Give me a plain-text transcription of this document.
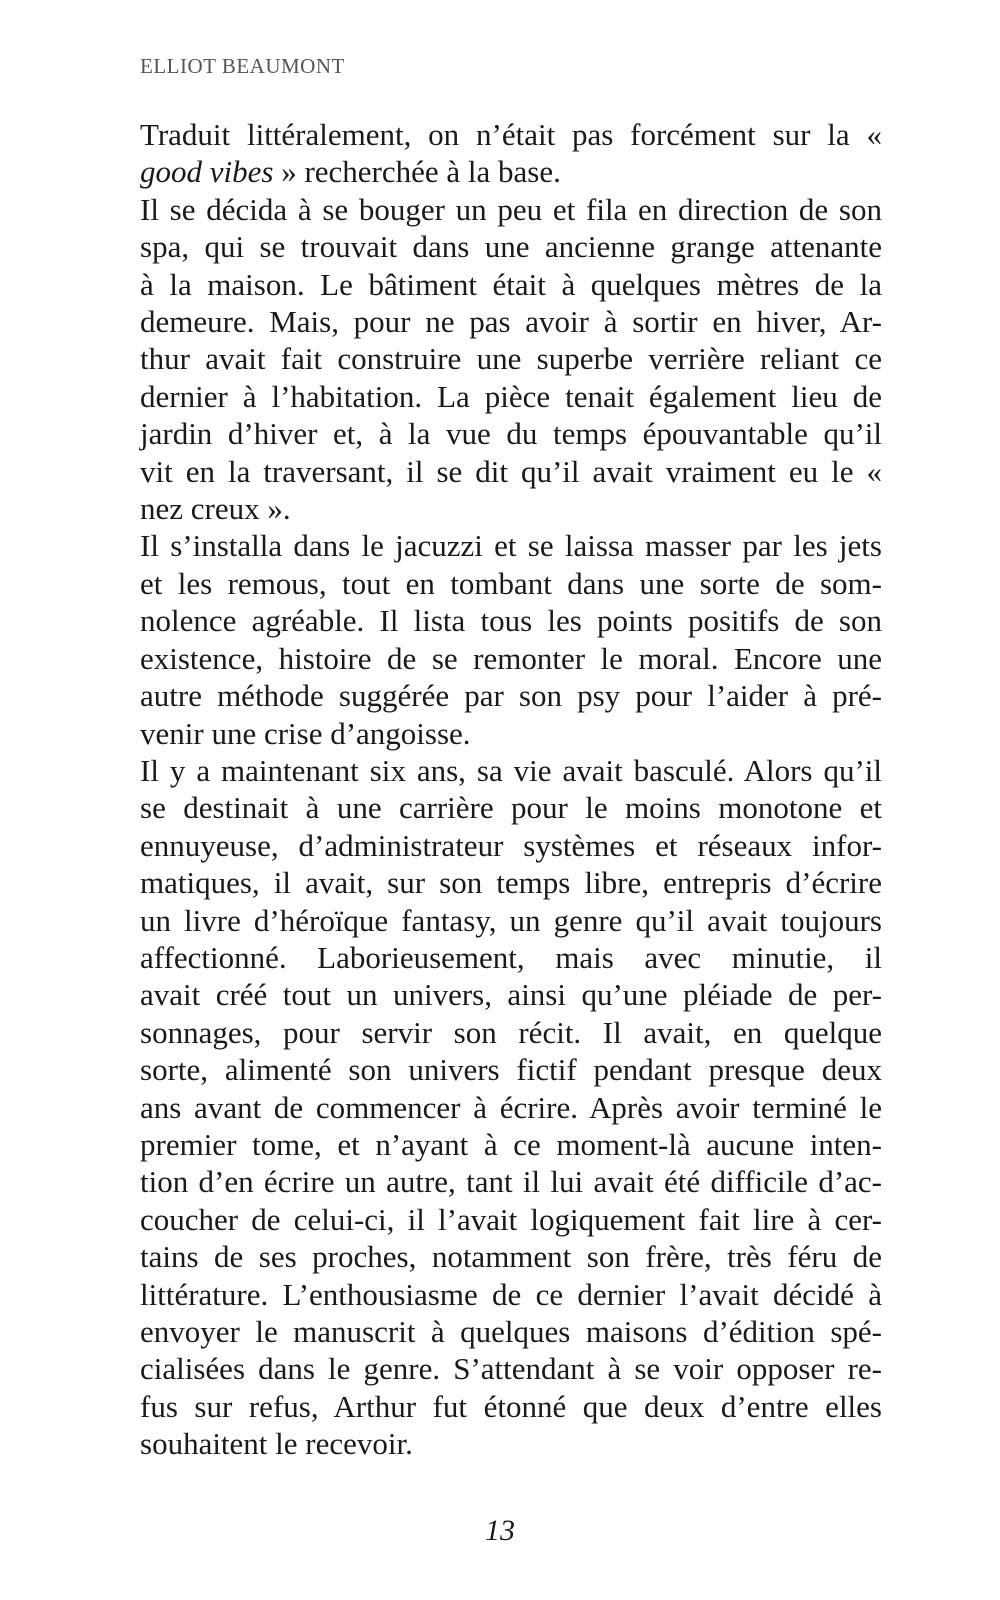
ELLIOT BEAUMONT
Traduit littéralement, on n’était pas forcément sur la «
good vibes » recherchée à la base.
Il se décida à se bouger un peu et fila en direction de son
spa, qui se trouvait dans une ancienne grange attenante
à la maison. Le bâtiment était à quelques mètres de la
demeure. Mais, pour ne pas avoir à sortir en hiver, Ar-
thur avait fait construire une superbe verrière reliant ce
dernier à l’habitation. La pièce tenait également lieu de
jardin d’hiver et, à la vue du temps épouvantable qu’il
vit en la traversant, il se dit qu’il avait vraiment eu le «
nez creux ».
Il s’installa dans le jacuzzi et se laissa masser par les jets
et les remous, tout en tombant dans une sorte de som-
nolence agréable. Il lista tous les points positifs de son
existence, histoire de se remonter le moral. Encore une
autre méthode suggérée par son psy pour l’aider à pré-
venir une crise d’angoisse.
Il y a maintenant six ans, sa vie avait basculé. Alors qu’il
se destinait à une carrière pour le moins monotone et
ennuyeuse, d’administrateur systèmes et réseaux infor-
matiques, il avait, sur son temps libre, entrepris d’écrire
un livre d’héroïque fantasy, un genre qu’il avait toujours
affectionné. Laborieusement, mais avec minutie, il
avait créé tout un univers, ainsi qu’une pléiade de per-
sonnages, pour servir son récit. Il avait, en quelque
sorte, alimenté son univers fictif pendant presque deux
ans avant de commencer à écrire. Après avoir terminé le
premier tome, et n’ayant à ce moment-là aucune inten-
tion d’en écrire un autre, tant il lui avait été difficile d’ac-
coucher de celui-ci, il l’avait logiquement fait lire à cer-
tains de ses proches, notamment son frère, très féru de
littérature. L’enthousiasme de ce dernier l’avait décidé à
envoyer le manuscrit à quelques maisons d’édition spé-
cialisées dans le genre. S’attendant à se voir opposer re-
fus sur refus, Arthur fut étonné que deux d’entre elles
souhaitent le recevoir.
13
